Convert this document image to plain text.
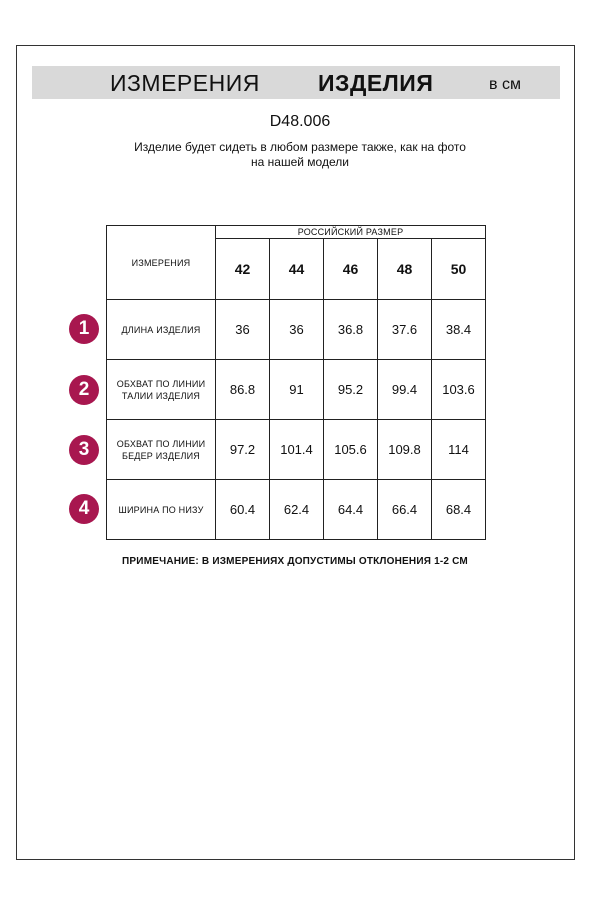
ИЗМЕРЕНИЯ	ИЗДЕЛИЯ	в см
D48.006
Изделие будет сидеть в любом размере также, как на фото
на нашей модели
ИЗМЕРЕНИЯ	РОССИЙСКИЙ РАЗМЕР				
	42	44	46	48	50

ДЛИНА ИЗДЕЛИЯ	36	36	36.8	37.6	38.4

ОБХВАТ ПО ЛИНИИ
ТАЛИИ ИЗДЕЛИЯ	86.8	91	95.2	99.4	103.6

ОБХВАТ ПО ЛИНИИ
БЕДЕР ИЗДЕЛИЯ	97.2	101.4	105.6	109.8	114

ШИРИНА ПО НИЗУ	60.4	62.4	64.4	66.4	68.4
1
2
3
4
ПРИМЕЧАНИЕ: В ИЗМЕРЕНИЯХ ДОПУСТИМЫ ОТКЛОНЕНИЯ 1-2 СМ
